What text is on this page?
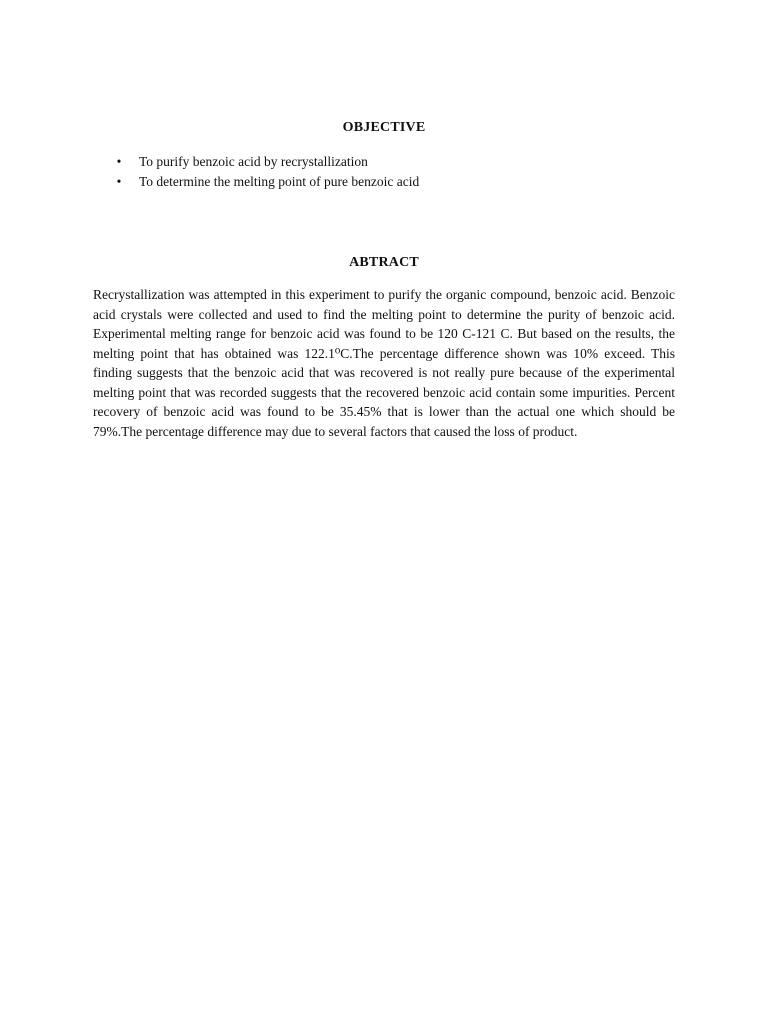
OBJECTIVE
• To purify benzoic acid by recrystallization
• To determine the melting point of pure benzoic acid
ABTRACT

Recrystallization was attempted in this experiment to purify the organic compound, benzoic acid. Benzoic acid crystals were collected and used to find the melting point to determine the purity of benzoic acid. Experimental melting range for benzoic acid was found to be 120 C-121 C. But based on the results, the melting point that has obtained was 122.1⁰C.The percentage difference shown was 10% exceed. This finding suggests that the benzoic acid that was recovered is not really pure because of the experimental melting point that was recorded suggests that the recovered benzoic acid contain some impurities. Percent recovery of benzoic acid was found to be 35.45% that is lower than the actual one which should be 79%.The percentage difference may due to several factors that caused the loss of product.
